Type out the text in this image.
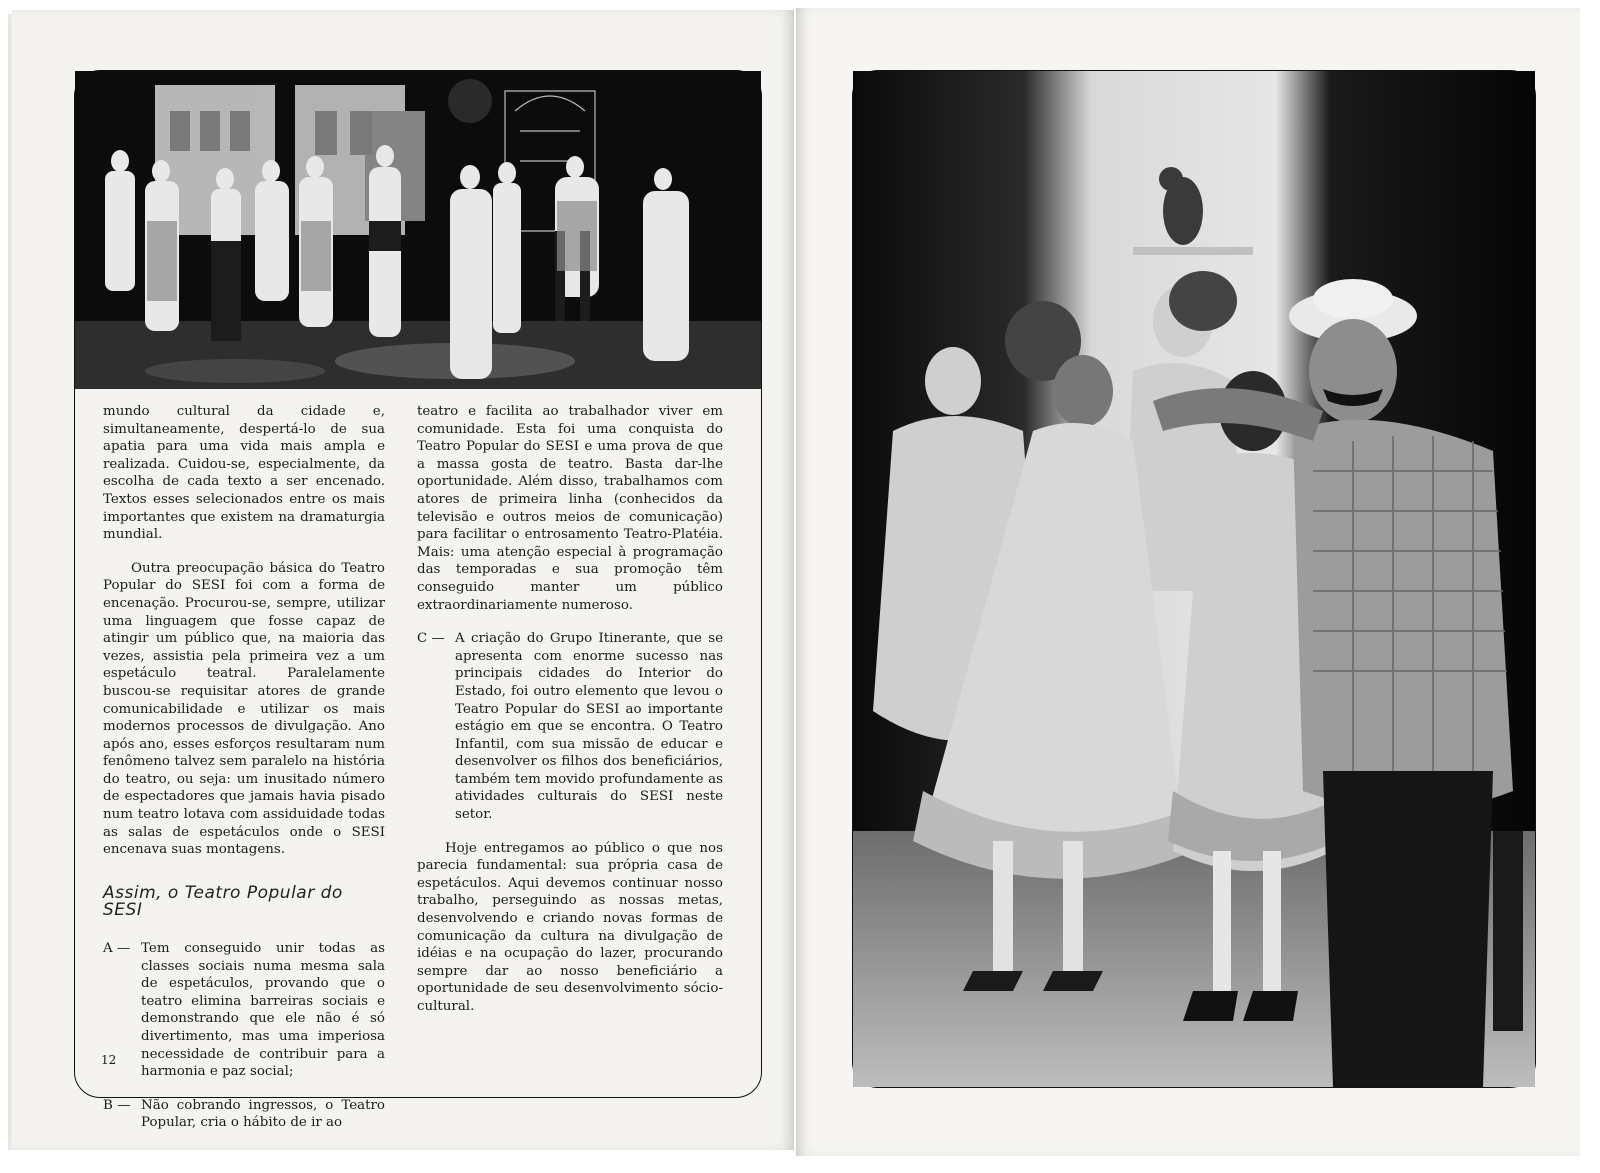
mundo cultural da cidade e, simultaneamente, despertá-lo de sua apatia para uma vida mais ampla e realizada. Cuidou-se, especialmente, da escolha de cada texto a ser encenado. Textos esses selecionados entre os mais importantes que existem na dramaturgia mundial.

Outra preocupação básica do Teatro Popular do SESI foi com a forma de encenação. Procurou-se, sempre, utilizar uma linguagem que fosse capaz de atingir um público que, na maioria das vezes, assistia pela primeira vez a um espetáculo teatral. Paralelamente buscou-se requisitar atores de grande comunicabilidade e utilizar os mais modernos processos de divulgação. Ano após ano, esses esforços resultaram num fenômeno talvez sem paralelo na história do teatro, ou seja: um inusitado número de espectadores que jamais havia pisado num teatro lotava com assiduidade todas as salas de espetáculos onde o SESI encenava suas montagens.

Assim, o Teatro Popular do SESI
A — Tem conseguido unir todas as classes sociais numa mesma sala de espetáculos, provando que o teatro elimina barreiras sociais e demonstrando que ele não é só divertimento, mas uma imperiosa necessidade de contribuir para a harmonia e paz social;
B — Não cobrando ingressos, o Teatro Popular, cria o hábito de ir ao

teatro e facilita ao trabalhador viver em comunidade. Esta foi uma conquista do Teatro Popular do SESI e uma prova de que a massa gosta de teatro. Basta dar-lhe oportunidade. Além disso, trabalhamos com atores de primeira linha (conhecidos da televisão e outros meios de comunicação) para facilitar o entrosamento Teatro-Platéia. Mais: uma atenção especial à programação das temporadas e sua promoção têm conseguido manter um público extraordinariamente numeroso.

C — A criação do Grupo Itinerante, que se apresenta com enorme sucesso nas principais cidades do Interior do Estado, foi outro elemento que levou o Teatro Popular do SESI ao importante estágio em que se encontra. O Teatro Infantil, com sua missão de educar e desenvolver os filhos dos beneficiários, também tem movido profundamente as atividades culturais do SESI neste setor.

Hoje entregamos ao público o que nos parecia fundamental: sua própria casa de espetáculos. Aqui devemos continuar nosso trabalho, perseguindo as nossas metas, desenvolvendo e criando novas formas de comunicação da cultura na divulgação de idéias e na ocupação do lazer, procurando sempre dar ao nosso beneficiário a oportunidade de seu desenvolvimento sócio-cultural.

12
